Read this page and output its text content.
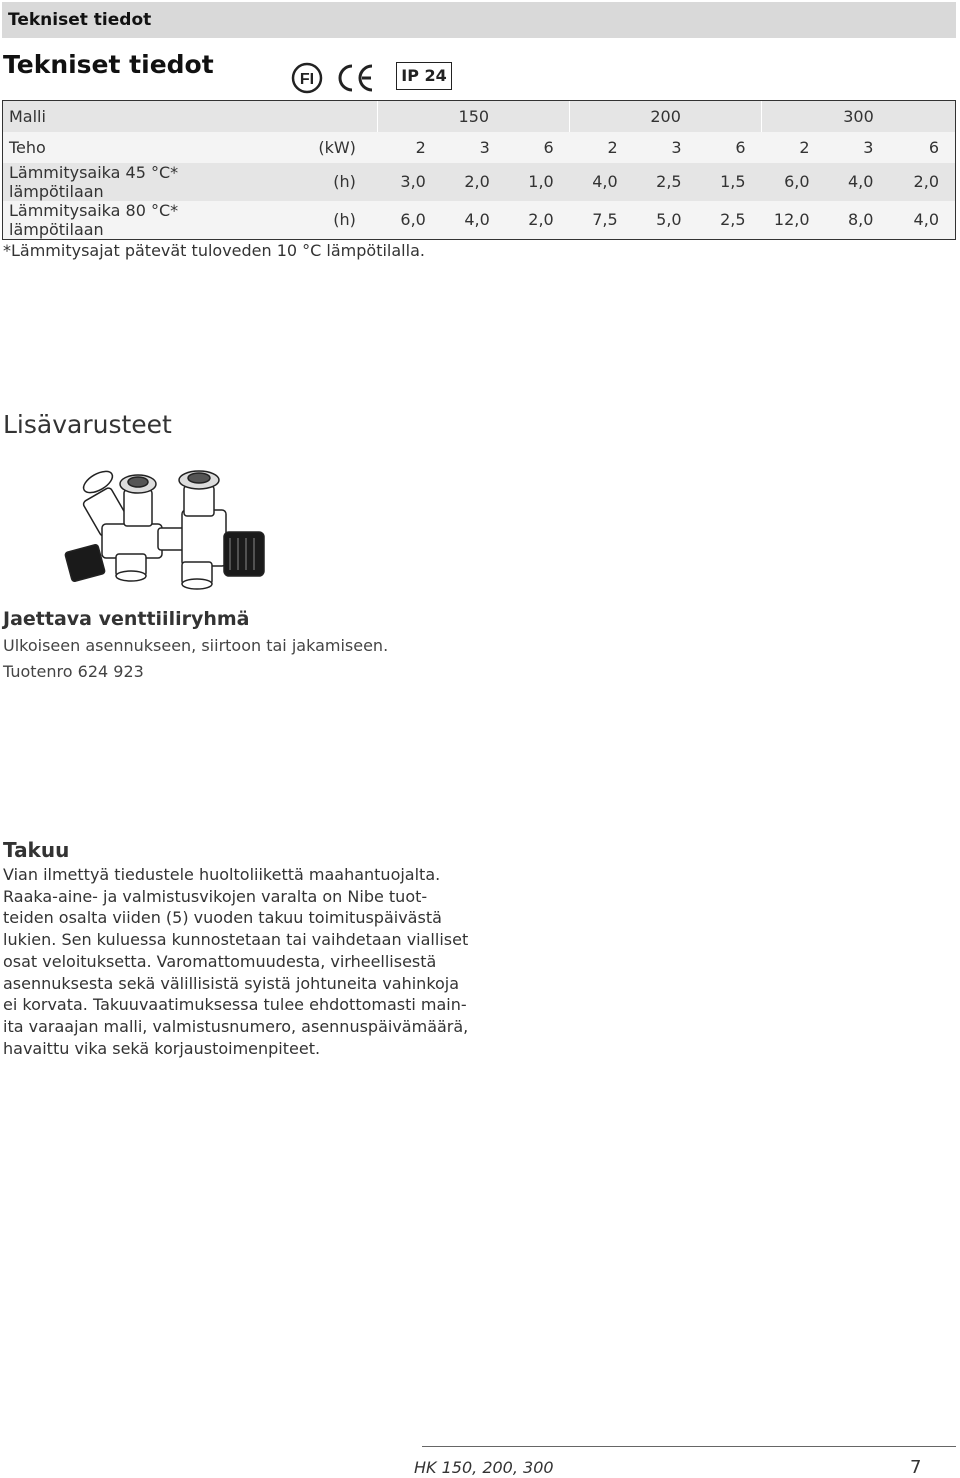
Tekniset tiedot
Tekniset tiedot
FI	IP 24
Malli		150			200			300		
Teho	(kW)	2	3	6	2	3	6	2	3	6
Lämmitysaika 45 °C* lämpötilaan	(h)	3,0	2,0	1,0	4,0	2,5	1,5	6,0	4,0	2,0
Lämmitysaika 80 °C* lämpötilaan	(h)	6,0	4,0	2,0	7,5	5,0	2,5	12,0	8,0	4,0
*Lämmitysajat pätevät tuloveden 10 °C lämpötilalla.
Lisävarusteet
Jaettava venttiiliryhmä
Ulkoiseen asennukseen, siirtoon tai jakamiseen.
Tuotenro 624 923
Takuu
Vian ilmettyä tiedustele huoltoliikettä maahantuojalta.
Raaka-aine- ja valmistusvikojen varalta on Nibe tuot-
teiden osalta viiden (5) vuoden takuu toimituspäivästä
lukien. Sen kuluessa kunnostetaan tai vaihdetaan vialliset
osat veloituksetta. Varomattomuudesta, virheellisestä
asennuksesta sekä välillisistä syistä johtuneita vahinkoja
ei korvata. Takuuvaatimuksessa tulee ehdottomasti main-
ita varaajan malli, valmistusnumero, asennuspäivämäärä,
havaittu vika sekä korjaustoimenpiteet.
HK 150, 200, 300	7
